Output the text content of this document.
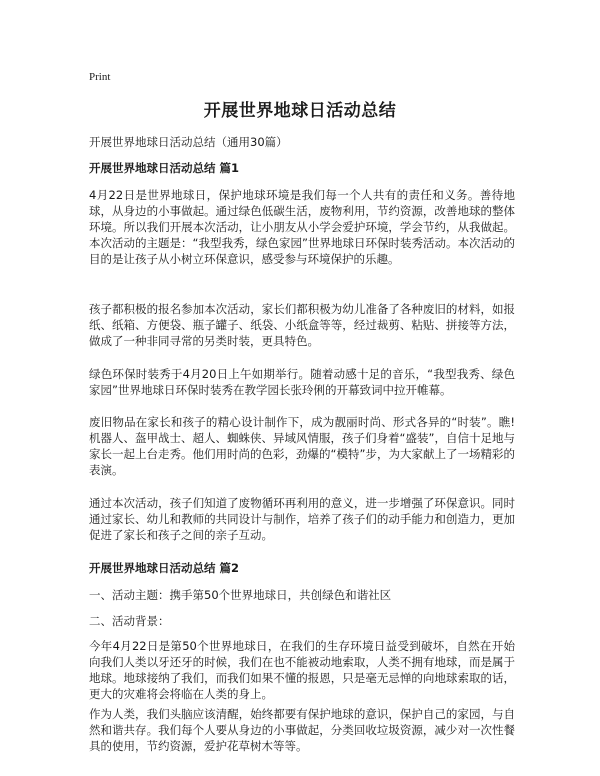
Print
开展世界地球日活动总结
开展世界地球日活动总结（通用30篇）
开展世界地球日活动总结 篇1

4月22日是世界地球日，保护地球环境是我们每一个人共有的责任和义务。善待地球，从身边的小事做起。通过绿色低碳生活，废物利用，节约资源，改善地球的整体环境。所以我们开展本次活动，让小朋友从小学会爱护环境，学会节约，从我做起。本次活动的主题是：“我型我秀，绿色家园”世界地球日环保时装秀活动。本次活动的目的是让孩子从小树立环保意识，感受参与环境保护的乐趣。

孩子都积极的报名参加本次活动，家长们都积极为幼儿准备了各种废旧的材料，如报纸、纸箱、方便袋、瓶子罐子、纸袋、小纸盒等等，经过裁剪、粘贴、拼接等方法，做成了一种非同寻常的另类时装，更具特色。

绿色环保时装秀于4月20日上午如期举行。随着动感十足的音乐，“我型我秀、绿色家园”世界地球日环保时装秀在教学园长张玲俐的开幕致词中拉开帷幕。

废旧物品在家长和孩子的精心设计制作下，成为靓丽时尚、形式各异的“时装”。瞧!机器人、盔甲战士、超人、蜘蛛侠、异域风情服，孩子们身着“盛装”，自信十足地与家长一起上台走秀。他们用时尚的色彩，劲爆的“模特”步，为大家献上了一场精彩的表演。

通过本次活动，孩子们知道了废物循环再利用的意义，进一步增强了环保意识。同时通过家长、幼儿和教师的共同设计与制作，培养了孩子们的动手能力和创造力，更加促进了家长和孩子之间的亲子互动。

开展世界地球日活动总结 篇2

一、活动主题：携手第50个世界地球日，共创绿色和谐社区

二、活动背景：

今年4月22日是第50个世界地球日，在我们的生存环境日益受到破坏，自然在开始向我们人类以牙还牙的时候，我们在也不能被动地索取，人类不拥有地球，而是属于地球。地球接纳了我们，而我们如果不懂的报恩，只是毫无忌惮的向地球索取的话，更大的灾难将会将临在人类的身上。

作为人类，我们头脑应该清醒，始终都要有保护地球的意识，保护自己的家园，与自然和谐共存。我们每个人要从身边的小事做起，分类回收垃圾资源，减少对一次性餐具的使用，节约资源，爱护花草树木等等。
